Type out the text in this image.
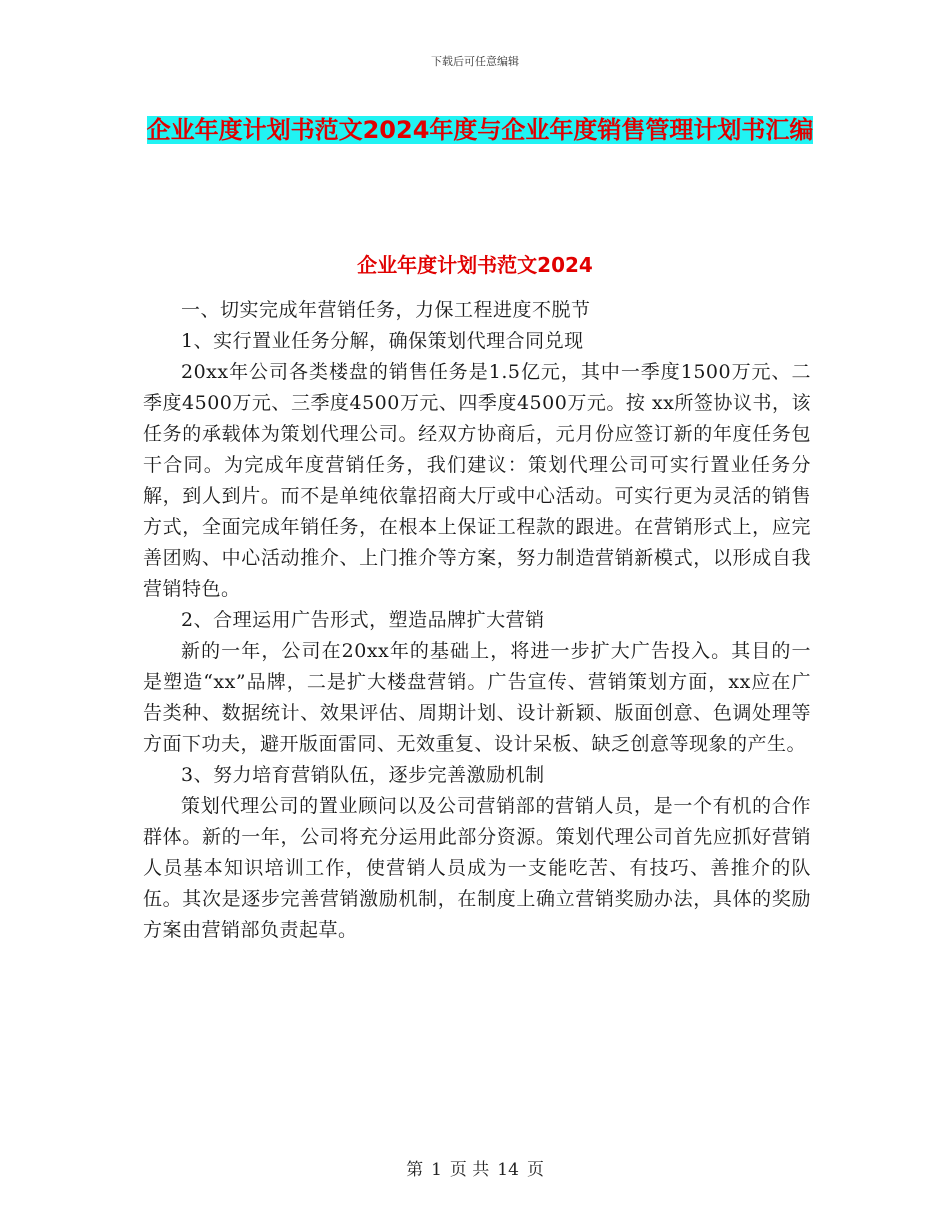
下载后可任意编辑
企业年度计划书范文2024年度与企业年度销售管理计划书汇编
企业年度计划书范文2024

一、切实完成年营销任务，力保工程进度不脱节

1、实行置业任务分解，确保策划代理合同兑现

20xx年公司各类楼盘的销售任务是1.5亿元，其中一季度1500万元、二季度4500万元、三季度4500万元、四季度4500万元。按 xx所签协议书，该任务的承载体为策划代理公司。经双方协商后，元月份应签订新的年度任务包干合同。为完成年度营销任务，我们建议：策划代理公司可实行置业任务分解，到人到片。而不是单纯依靠招商大厅或中心活动。可实行更为灵活的销售方式，全面完成年销任务，在根本上保证工程款的跟进。在营销形式上，应完善团购、中心活动推介、上门推介等方案，努力制造营销新模式，以形成自我营销特色。

2、合理运用广告形式，塑造品牌扩大营销

新的一年，公司在20xx年的基础上，将进一步扩大广告投入。其目的一是塑造“xx”品牌，二是扩大楼盘营销。广告宣传、营销策划方面，xx应在广告类种、数据统计、效果评估、周期计划、设计新颖、版面创意、色调处理等方面下功夫，避开版面雷同、无效重复、设计呆板、缺乏创意等现象的产生。

3、努力培育营销队伍，逐步完善激励机制

策划代理公司的置业顾问以及公司营销部的营销人员，是一个有机的合作群体。新的一年，公司将充分运用此部分资源。策划代理公司首先应抓好营销人员基本知识培训工作，使营销人员成为一支能吃苦、有技巧、善推介的队伍。其次是逐步完善营销激励机制，在制度上确立营销奖励办法，具体的奖励方案由营销部负责起草。

第 1 页 共 14 页
